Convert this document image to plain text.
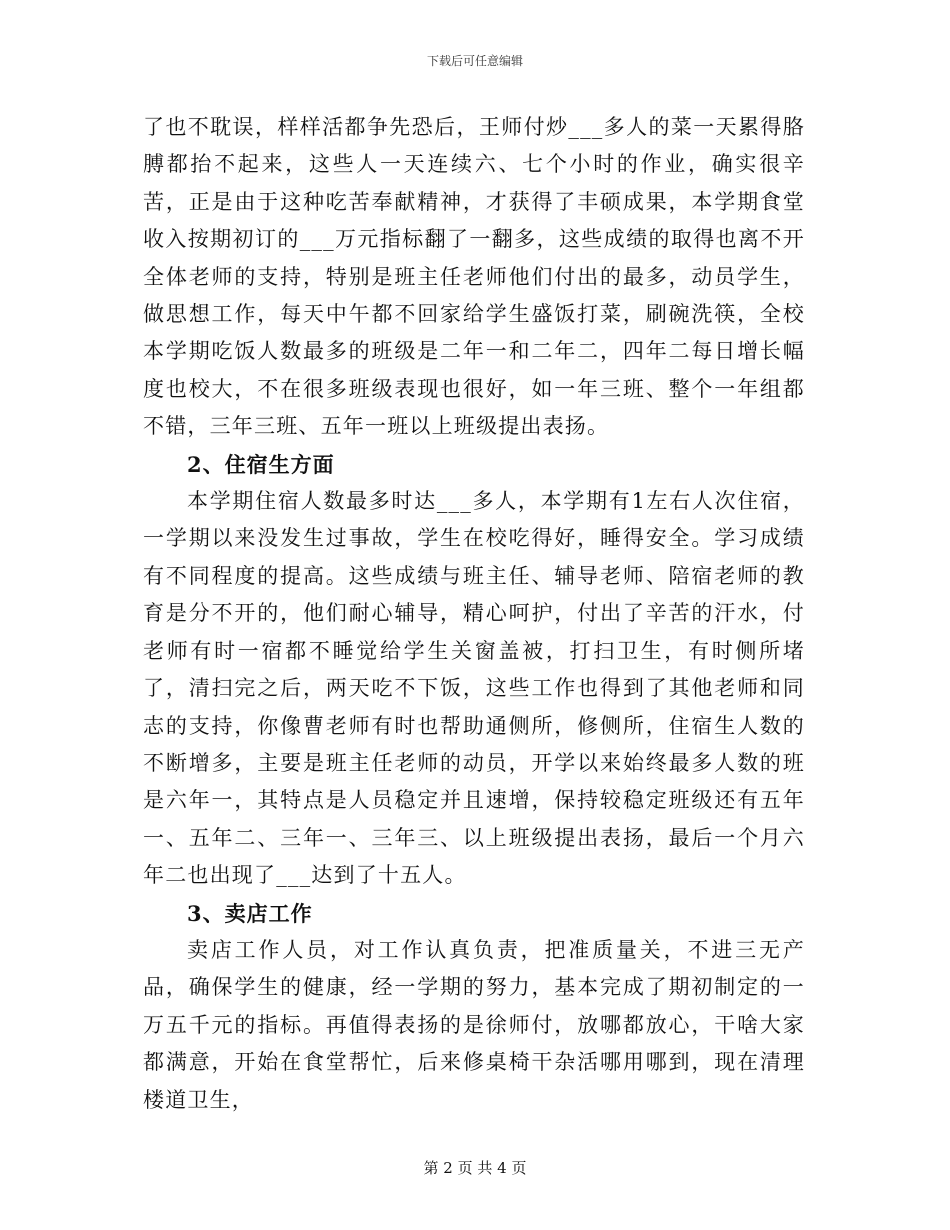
下载后可任意编辑

了也不耽误，样样活都争先恐后，王师付炒___多人的菜一天累得胳膊都抬不起来，这些人一天连续六、七个小时的作业，确实很辛苦，正是由于这种吃苦奉献精神，才获得了丰硕成果，本学期食堂收入按期初订的___万元指标翻了一翻多，这些成绩的取得也离不开全体老师的支持，特别是班主任老师他们付出的最多，动员学生，做思想工作，每天中午都不回家给学生盛饭打菜，刷碗洗筷，全校本学期吃饭人数最多的班级是二年一和二年二，四年二每日增长幅度也校大，不在很多班级表现也很好，如一年三班、整个一年组都不错，三年三班、五年一班以上班级提出表扬。

2、住宿生方面

本学期住宿人数最多时达___多人，本学期有1左右人次住宿，一学期以来没发生过事故，学生在校吃得好，睡得安全。学习成绩有不同程度的提高。这些成绩与班主任、辅导老师、陪宿老师的教育是分不开的，他们耐心辅导，精心呵护，付出了辛苦的汗水，付老师有时一宿都不睡觉给学生关窗盖被，打扫卫生，有时侧所堵了，清扫完之后，两天吃不下饭，这些工作也得到了其他老师和同志的支持，你像曹老师有时也帮助通侧所，修侧所，住宿生人数的不断增多，主要是班主任老师的动员，开学以来始终最多人数的班是六年一，其特点是人员稳定并且速增，保持较稳定班级还有五年一、五年二、三年一、三年三、以上班级提出表扬，最后一个月六年二也出现了___达到了十五人。

3、卖店工作

卖店工作人员，对工作认真负责，把准质量关，不进三无产品，确保学生的健康，经一学期的努力，基本完成了期初制定的一万五千元的指标。再值得表扬的是徐师付，放哪都放心，干啥大家都满意，开始在食堂帮忙，后来修桌椅干杂活哪用哪到，现在清理楼道卫生，

第 2 页 共 4 页
